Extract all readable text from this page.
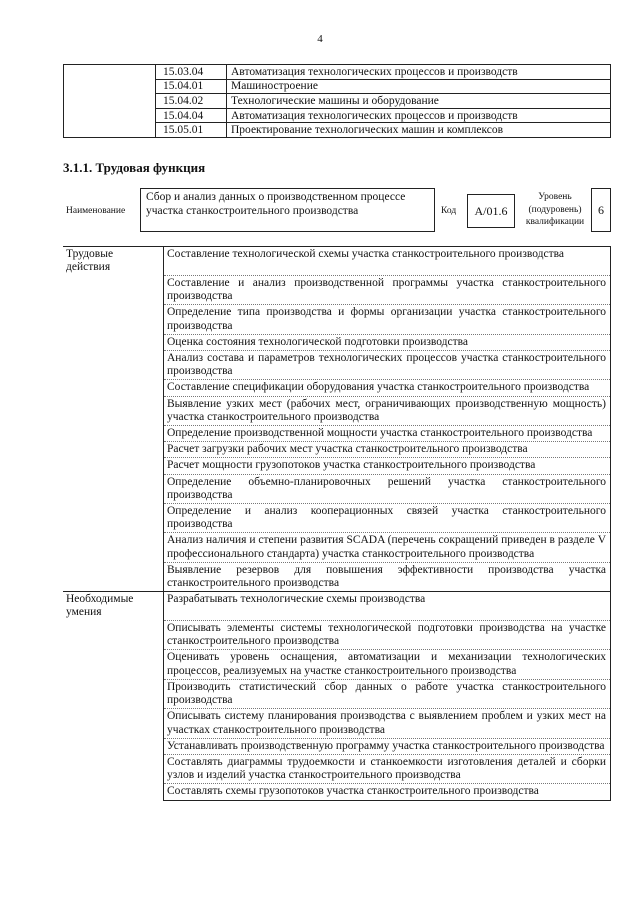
4
	15.03.04	Автоматизация технологических процессов и производств
	15.04.01	Машиностроение
	15.04.02	Технологические машины и оборудование
	15.04.04	Автоматизация технологических процессов и производств
	15.05.01	Проектирование технологических машин и комплексов
3.1.1. Трудовая функция
Наименование
Сбор и анализ данных о производственном процессе участка станкостроительного производства	Код	А/01.6
Уровень (подуровень) квалификации
6
Трудовые действия	Составление технологической схемы участка станкостроительного производства
	Составление и анализ производственной программы участка станкостроительного производства
	Определение типа производства и формы организации участка станкостроительного производства
	Оценка состояния технологической подготовки производства
	Анализ состава и параметров технологических процессов участка станкостроительного производства
	Составление спецификации оборудования участка станкостроительного производства
	Выявление узких мест (рабочих мест, ограничивающих производственную мощность) участка станкостроительного производства
	Определение производственной мощности участка станкостроительного производства
	Расчет загрузки рабочих мест участка станкостроительного производства
	Расчет мощности грузопотоков участка станкостроительного производства
	Определение объемно-планировочных решений участка станкостроительного производства
	Определение и анализ кооперационных связей участка станкостроительного производства
	Анализ наличия и степени развития SCADA (перечень сокращений приведен в разделе V профессионального стандарта) участка станкостроительного производства
	Выявление резервов для повышения эффективности производства участка станкостроительного производства
Необходимые умения	Разрабатывать технологические схемы производства
	Описывать элементы системы технологической подготовки производства на участке станкостроительного производства
	Оценивать уровень оснащения, автоматизации и механизации технологических процессов, реализуемых на участке станкостроительного производства
	Производить статистический сбор данных о работе участка станкостроительного производства
	Описывать систему планирования производства с выявлением проблем и узких мест на участках станкостроительного производства
	Устанавливать производственную программу участка станкостроительного производства
	Составлять диаграммы трудоемкости и станкоемкости изготовления деталей и сборки узлов и изделий участка станкостроительного производства
	Составлять схемы грузопотоков участка станкостроительного производства
